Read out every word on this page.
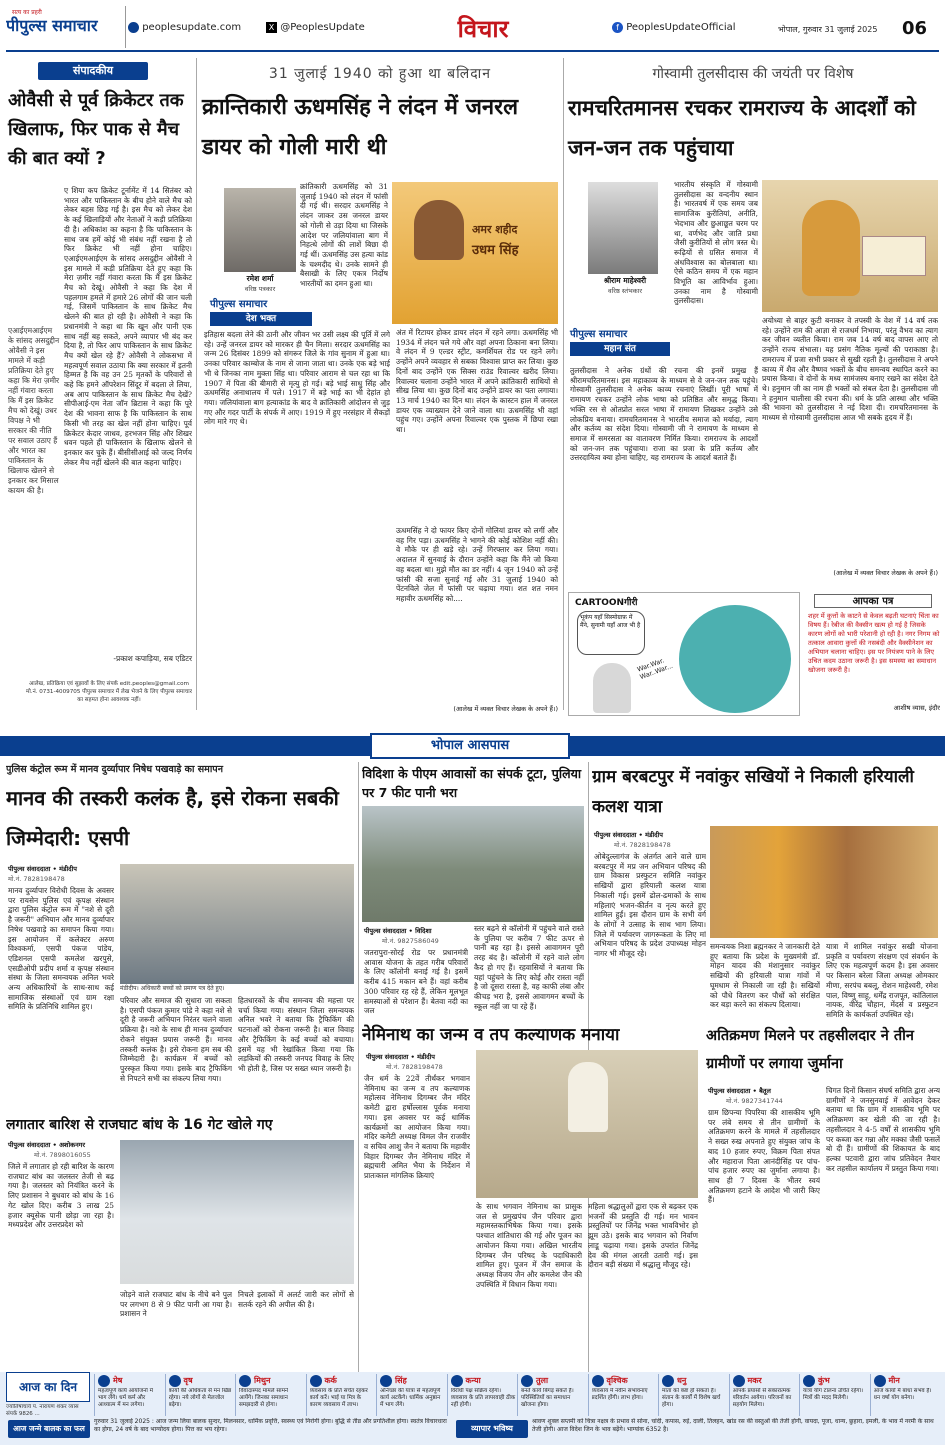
पीपुल्स समाचार
सत्य का प्रहरी
peoplesupdate.com	X @PeoplesUpdate	विचार	f PeoplesUpdateOfficial	भोपाल, गुरुवार 31 जुलाई 2025	06
संपादकीय
ओवैसी से पूर्व क्रिकेटर तक खिलाफ, फिर पाक से मैच की बात क्यों ?
ए शिया कप क्रिकेट टूर्नामेंट में 14 सितंबर को भारत और पाकिस्तान के बीच होने वाले मैच को लेकर बहस छिड़ गई है। इस मैच को लेकर देश के कई खिलाड़ियों और नेताओं ने कड़ी प्रतिक्रिया दी है। अधिकांश का कहना है कि पाकिस्तान के साथ जब हमें कोई भी संबंध नहीं रखना है तो फिर क्रिकेट भी नहीं होना चाहिए। एआईएमआईएम के सांसद असदुद्दीन ओवैसी ने इस मामले में कड़ी प्रतिक्रिया देते हुए कहा कि मेरा ज़मीर नहीं गंवारा करता कि मैं इस क्रिकेट मैच को देखूं। ओवैसी ने कहा कि देश में पहलगाम हमले में हमारे 26 लोगों की जान चली गई, जिसमें पाकिस्तान के साथ क्रिकेट मैच खेलने की बात हो रही है। ओवैसी ने कहा कि प्रधानमंत्री ने कहा था कि खून और पानी एक साथ नहीं बह सकते, अपने व्यापार भी बंद कर दिया है, तो फिर आप पाकिस्तान के साथ क्रिकेट मैच क्यों खेल रहे हैं? ओवैसी ने लोकसभा में महत्वपूर्ण सवाल उठाया कि क्या सरकार में इतनी हिम्मत है कि वह उन 25 मृतकों के परिवारों से कहे कि हमने ऑपरेशन सिंदूर में बदला ले लिया, अब आप पाकिस्तान के साथ क्रिकेट मैच देखें? सीपीआई-एम नेता जॉन ब्रिटास ने कहा कि पूरे देश की भावना साफ है कि पाकिस्तान के साथ किसी भी तरह का खेल नहीं होना चाहिए। पूर्व क्रिकेटर केदार जाधव, हरभजन सिंह और शिखर धवन पहले ही पाकिस्तान के खिलाफ खेलने से इनकार कर चुके हैं। बीसीसीआई को जल्द निर्णय लेकर मैच नहीं खेलने की बात कहना चाहिए।
एआईएमआईएम के सांसद असदुद्दीन ओवैसी ने इस मामले में कड़ी प्रतिक्रिया देते हुए कहा कि मेरा ज़मीर नहीं गंवारा करता कि मैं इस क्रिकेट मैच को देखूं। उधर विपक्ष ने भी सरकार की नीति पर सवाल उठाए हैं और भारत का पाकिस्तान के खिलाफ खेलने से इनकार कर मिसाल कायम की है।
-प्रकाश कपाड़िया, सब एडिटर
आलेख, प्रतिक्रिया एवं सुझावों के लिए संपर्क edit.peoples@gmail.com मो.नं. 0731-4009705 पीपुल्स समाचार में लेख भेजने के लिए पीपुल्स समाचार का सहमत होना आवश्यक नहीं।
31 जुलाई 1940 को हुआ था बलिदान
क्रान्तिकारी ऊधमसिंह ने लंदन में जनरल डायर को गोली मारी थी
रमेश शर्मा
वरिष्ठ पत्रकार
पीपुल्स समाचार
देश भक्त
क्रांतिकारी ऊधमसिंह को 31 जुलाई 1940 को लंदन में फांसी दी गई थी। सरदार ऊधमसिंह ने लंदन जाकर उस जनरल डायर को गोली से उड़ा दिया था जिसके आदेश पर जलियांवाला बाग में निहत्थे लोगों की लाशें बिछा दी गई थीं। ऊधमसिंह उस हत्या कांड के चश्मदीद थे। उनके सामने ही बैसाखी के लिए एकत्र निर्दोष भारतीयों का दमन हुआ था।
अमर शहीद
उधम सिंह
इतिहास बदला लेने की ठानी और जीवन भर उसी लक्ष्य की पूर्ति में लगे रहे। उन्हें जनरल डायर को मारकर ही चैन मिला। सरदार ऊधमसिंह का जन्म 26 दिसंबर 1899 को संगरूर जिले के गांव सुनाम में हुआ था। उनका परिवार काम्बोज के नाम से जाना जाता था। उनके एक बड़े भाई भी थे जिनका नाम मुक्ता सिंह था। परिवार आराम से चल रहा था कि 1907 में पिता की बीमारी से मृत्यु हो गई। बड़े भाई साधु सिंह और ऊधमसिंह अनाथालय में पले। 1917 में बड़े भाई का भी देहांत हो गया। जलियांवाला बाग हत्याकांड के बाद वे क्रांतिकारी आंदोलन से जुड़ गए और गदर पार्टी के संपर्क में आए। 1919 में हुए नरसंहार में सैकड़ों लोग मारे गए थे।
अंत में रिटायर होकर डायर लंदन में रहने लगा। ऊधमसिंह भी 1934 में लंदन चले गये और वहां अपना ठिकाना बना लिया। वे लंदन में 9 एल्डर स्ट्रीट, कमर्शियल रोड पर रहने लगे। उन्होंने अपने व्यवहार से सबका विश्वास प्राप्त कर लिया। कुछ दिनों बाद उन्होंने एक सिक्स राउंड रिवाल्वर खरीद लिया। रिवाल्वर चलाना उन्होंने भारत में अपने क्रांतिकारी साथियों से सीख लिया था। कुछ दिनों बाद उन्होंने डायर का पता लगाया। 13 मार्च 1940 का दिन था। लंदन के कास्टन हाल में जनरल डायर एक व्याख्यान देने जाने वाला था। ऊधमसिंह भी वहां पहुंच गए। उन्होंने अपना रिवाल्वर एक पुस्तक में छिपा रखा था।
ऊधमसिंह ने दो फायर किए दोनों गोलियां डायर को लगीं और वह गिर पड़ा। ऊधमसिंह ने भागने की कोई कोशिश नहीं की। वे मौके पर ही खड़े रहे। उन्हें गिरफ्तार कर लिया गया। अदालत में सुनवाई के दौरान उन्होंने कहा कि मैंने जो किया वह बदला था। मुझे मौत का डर नहीं। 4 जून 1940 को उन्हें फांसी की सजा सुनाई गई और 31 जुलाई 1940 को पेंटनविले जेल में फांसी पर चढ़ाया गया। शत शत नमन महावीर ऊधमसिंह को....
(आलेख में व्यक्त विचार लेखक के अपने हैं।)
गोस्वामी तुलसीदास की जयंती पर विशेष
रामचरितमानस रचकर रामराज्य के आदर्शों को जन-जन तक पहुंचाया
श्रीराम माहेश्वरी
वरिष्ठ स्तंभकार
पीपुल्स समाचार
महान संत
भारतीय संस्कृति में गोस्वामी तुलसीदास का वन्दनीय स्थान है। भारतवर्ष में एक समय जब सामाजिक कुरीतियां, अनीति, भेदभाव और छुआछूत चरम पर था, वर्णभेद और जाति प्रथा जैसी कुरीतियों से लोग त्रस्त थे। रूढ़ियों से ग्रसित समाज में अंधविश्वास का बोलबाला था। ऐसे कठिन समय में एक महान विभूति का आविर्भाव हुआ। उनका नाम है गोस्वामी तुलसीदास।
तुलसीदास ने अनेक ग्रंथों की रचना की इनमें प्रमुख हैं श्रीरामचरितमानस। इस महाकाव्य के माध्यम से वे जन-जन तक पहुंचे। गोस्वामी तुलसीदास ने अनेक काव्य रचनाएं लिखीं। पूरी भाषा में रामायण रचकर उन्होंने लोक भाषा को प्रतिष्ठित और समृद्ध किया। भक्ति रस से ओतप्रोत सरल भाषा में रामायण लिखकर उन्होंने उसे लोकप्रिय बनाया। रामचरितमानस ने भारतीय समाज को मर्यादा, त्याग और कर्तव्य का संदेश दिया। गोस्वामी जी ने रामायण के माध्यम से समाज में समरसता का वातावरण निर्मित किया। रामराज्य के आदर्शों को जन-जन तक पहुंचाया। राजा का प्रजा के प्रति कर्तव्य और उत्तरदायित्व क्या होना चाहिए, यह रामराज्य के आदर्श बताते हैं।
अयोध्या से बाहर कुटी बनाकर वे तपस्वी के वेश में 14 वर्ष तक रहे। उन्होंने राम की आज्ञा से राजधर्म निभाया, परंतु वैभव का त्याग कर जीवन व्यतीत किया। राम जब 14 वर्ष बाद वापस आए तो उन्होंने राज्य संभाला। यह प्रसंग नैतिक मूल्यों की पराकाष्ठा है। रामराज्य में प्रजा सभी प्रकार से सुखी रहती है। तुलसीदास ने अपने काव्य में शैव और वैष्णव भक्तों के बीच समन्वय स्थापित करने का प्रयास किया। वे दोनों के मध्य सामंजस्य बनाए रखने का संदेश देते थे। हनुमान जी का नाम ही भक्तों को संबल देता है। तुलसीदास जी ने हनुमान चालीसा की रचना की। धर्म के प्रति आस्था और भक्ति की भावना को तुलसीदास ने नई दिशा दी। रामचरितमानस के माध्यम से गोस्वामी तुलसीदास आज भी सबके हृदय में हैं।
(आलेख में व्यक्त विचार लेखक के अपने हैं।)
CARTOONगीरी
भूकंप यहाँ सिस्मोग्राफ़ में मैंने, सुनामी यहाँ आज भी है
War.War. War..War...
आपका पत्र
शहर में कुत्तों के काटने से केवल बढ़ती घटनाएं चिंता का विषय हैं। रेबीज की वैक्सीन खत्म हो गई है जिसके कारण लोगों को भारी परेशानी हो रही है। नगर निगम को तत्काल आवारा कुत्तों की नसबंदी और वैक्सीनेशन का अभियान चलाना चाहिए। इस पर नियंत्रण पाने के लिए उचित कदम उठाना जरूरी है। इस समस्या का समाधान खोजना जरूरी है।
आशीष व्यास, इंदौर
भोपाल आसपास
पुलिस कंट्रोल रूम में मानव दुर्व्यापार निषेध पखवाड़े का समापन
मानव की तस्करी कलंक है, इसे रोकना सबकी जिम्मेदारी: एसपी
पीपुल्स संवाददाता • मंडीदीप
मो.नं. 7828198478
मंडीदीप। अधिकारी बच्चों को प्रमाण पत्र देते हुए।
मानव दुर्व्यापार विरोधी दिवस के अवसर पर रायसेन पुलिस एवं कृपक्ष संस्थान द्वारा पुलिस कंट्रोल रूम में "नशे से दूरी है जरूरी" अभियान और मानव दुर्व्यापार निषेध पखवाड़े का समापन किया गया। इस आयोजन में कलेक्टर अरुण विश्वकर्मा, एसपी पंकज पांडेय, एडिशनल एसपी कमलेश खरपुसे, एसडीओपी प्रदीप शर्मा व कृपक्ष संस्थान संस्था के जिला समन्वयक अनिल भवरे अन्य अधिकारियों के साथ-साथ कई सामाजिक संस्थाओं एवं ग्राम रक्षा समिति के प्रतिनिधि शामिल हुए।
परिवार और समाज की सुधारा जा सकता है। एसपी पंकज कुमार पांडे ने कहा नशे से दूरी है जरूरी अभियान निरंतर चलने वाला प्रक्रिया है। नशे के साथ ही मानव दुर्व्यापार रोकने संयुक्त प्रयास जरूरी हैं। मानव तस्करी कलंक है। इसे रोकना हम सब की जिम्मेदारी है। कार्यक्रम में बच्चों को पुरस्कृत किया गया। इसके बाद ट्रैफिकिंग से निपटने सभी का संकल्प लिया गया।
हितधारकों के बीच समन्वय की महत्ता पर चर्चा किया गया। संस्थान जिला समन्वयक अनिल भवरे ने बताया कि ट्रैफिकिंग की घटनाओं को रोकना जरूरी है। बाल विवाह और ट्रैफिकिंग के कई बच्चों को बचाया। इसमें यह भी रेखांकित किया गया कि लड़कियों की तस्करी जनपद विवाह के लिए भी होती है, जिस पर सख्त ध्यान जरूरी है।
लगातार बारिश से राजघाट बांध के 16 गेट खोले गए
पीपुल्स संवाददाता • अशोकनगर
मो.नं. 7898016055
जिले में लगातार हो रही बारिश के कारण राजघाट बांध का जलस्तर तेजी से बढ़ गया है। जलस्तर को नियंत्रित करने के लिए प्रशासन ने बुधवार को बांध के 16 गेट खोल दिए। करीब 3 लाख 25 हजार क्यूसेक पानी छोड़ा जा रहा है। मध्यप्रदेश और उत्तरप्रदेश को
जोड़ने वाले राजघाट बांध के नीचे बने पुल पर लगभग 8 से 9 फीट पानी आ गया है। प्रशासन ने
निचले इलाकों में अलर्ट जारी कर लोगों से सतर्क रहने की अपील की है।
विदिशा के पीएम आवासों का संपर्क टूटा, पुलिया पर 7 फीट पानी भरा
पीपुल्स संवाददाता • विदिशा
मो.नं. 9827586049
जतरापुरा-सोरई रोड पर प्रधानमंत्री आवास योजना के तहत गरीब परिवारों के लिए कॉलोनी बनाई गई है। इसमें करीब 415 मकान बने हैं। वहां करीब 300 परिवार रह रहे हैं, लेकिन मूलभूत समस्याओं से परेशान हैं। बेतवा नदी का जल
स्तर बढ़ने से कॉलोनी में पहुंचने वाले रास्ते के पुलिया पर करीब 7 फीट ऊपर से पानी बह रहा है। इससे आवागमन पूरी तरह बंद है। कॉलोनी में रहने वाले लोग कैद हो गए हैं। रहवासियों ने बताया कि यहां पहुंचने के लिए कोई और रास्ता नहीं है जो दूसरा रास्ता है, वह काफी लंबा और कीचड़ भरा है, इससे आवागमन बच्चों के स्कूल नहीं जा पा रहे हैं।
नेमिनाथ का जन्म व तप कल्याणक मनाया
पीपुल्स संवाददाता • मंडीदीप
मो.नं. 7828198478
जैन धर्म के 22वें तीर्थंकर भगवान नेमिनाथ का जन्म व तप कल्याणक महोत्सव नेमिनाथ दिगम्बर जैन मंदिर कमेटी द्वारा हर्षोल्लास पूर्वक मनाया गया। इस अवसर पर कई धार्मिक कार्यक्रमों का आयोजन किया गया। मंदिर कमेटी अध्यक्ष विमल जैन राजवीर व सचिव आशु जैन ने बताया कि महावीर विहार दिगम्बर जैन नेमिनाथ मंदिर में ब्रह्मचारी अमित भैया के निर्देशन में प्रातःकाल मांगलिक क्रियाएं
के साथ भगवान नेमिनाथ का प्रासुक जल से प्रमुखपंच जैन परिवार द्वारा महामस्तकाभिषेक किया गया। इसके पश्चात शांतिधारा की गई और पूजन का आयोजन किया गया। अखिल भारतीय दिगम्बर जैन परिषद के पदाधिकारी शामिल हुए। पूजन में जैन समाज के अध्यक्ष विजय जैन और कमलेश जैन की उपस्थिति में विधान किया गया।
महिला श्रद्धालुओं द्वारा एक से बढ़कर एक भजनों की प्रस्तुति दी गई। मन भावन प्रस्तुतियों पर जिनेंद्र भक्त भावविभोर हो झूम उठे। इसके बाद भगवान को निर्वाण लाडू चढ़ाया गया। इसके उपरांत जिनेंद्र देव की मंगल आरती उतारी गई। इस दौरान बड़ी संख्या में श्रद्धालु मौजूद रहे।
ग्राम बरबटपुर में नवांकुर सखियों ने निकाली हरियाली कलश यात्रा
पीपुल्स संवाददाता • मंडीदीप
मो.नं. 7828198478
ओबेदुल्लागंज के अंतर्गत आने वाले ग्राम बरबटपुर में मप्र जन अभियान परिषद की ग्राम विकास प्रस्फुटन समिति नवांकुर सखियों द्वारा हरियाली कलश यात्रा निकाली गई। इसमें ढोल-ढमाकों के साथ महिलाएं भजन-कीर्तन व नृत्य करते हुए शामिल हुईं। इस दौरान ग्राम के सभी वर्ग के लोगों ने उत्साह के साथ भाग लिया। जिले में पर्यावरण जागरूकता के लिए मां अभियान परिषद के प्रदेश उपाध्यक्ष मोहन नागर भी मौजूद रहे।
समन्वयक निशा ब्रह्मनकर ने जानकारी देते हुए बताया कि प्रदेश के मुख्यमंत्री डॉ. मोहन यादव की मंशानुसार नवांकुर सखियों की हरियाली यात्रा गांवों में घूमधाम से निकाली जा रही है। सखियों को पौधे वितरण कर पौधों को संरक्षित कर बड़ा करने का संकल्प दिलाया।
यात्रा में शामिल नवांकुर सखी योजना प्रकृति व पर्यावरण संरक्षण एवं संवर्धन के लिए एक महत्वपूर्ण कदम है। इस अवसर पर किसान बरेला जिला अध्यक्ष ओमकार मीणा, सरपंच बबलू, रोशन माहेश्वरी, रमेश पाल, विष्णु साहू, धर्मेंद्र राजपूत, कांतिलाल नायक, वीरेंद्र चौहान, मेंदर्स व प्रस्फुटन समिति के कार्यकर्ता उपस्थित रहे।
अतिक्रमण मिलने पर तहसीलदार ने तीन ग्रामीणों पर लगाया जुर्माना
पीपुल्स संवाददाता • बैतूल
मो.नं. 9827341744
ग्राम छिपन्या पिपरिया की शासकीय भूमि पर लंबे समय से तीन ग्रामीणों के अतिक्रमण करने के मामले में तहसीलदार ने सख्त रुख अपनाते हुए संयुक्त जांच के बाद 10 हजार रुपए, विक्रम पिता संपत और महाराज पिता आनंदीसिंह पर पांच-पांच हजार रुपए का जुर्माना लगाया है। साथ ही 7 दिवस के भीतर स्वयं अतिक्रमण हटाने के आदेश भी जारी किए हैं।
चिगत दिनों किसान संघर्ष समिति द्वारा अन्य ग्रामीणों ने जनसुनवाई में आवेदन देकर बताया था कि ग्राम में शासकीय भूमि पर अतिक्रमण कर खेती की जा रही है। तहसीलदार ने 4-5 वर्षों से शासकीय भूमि पर कब्जा कर गन्ना और मक्का जैसी फसलें बो दी हैं। ग्रामीणों की शिकायत के बाद हल्का पटवारी द्वारा जांच प्रतिवेदन तैयार कर तहसील कार्यालय में प्रस्तुत किया गया।
आज का दिन
ज्योतिषाचार्य पं. नारायण शंकर व्यास संपर्क 9826 ...
मेष
महत्वपूर्ण कार्य आयोजनों में भाग लेंगे। धर्म कर्म और आध्यात्म में मन लगेगा।
वृष
कार्यों की अधिकता से मन खिन्न रहेगा। नये लोगों से मेलजोल बढ़ेगा।
मिथुन
विवादास्पद मामले सामने आयेंगे। जिनका समाधान समझदारी से होगा।
कर्क
व्यवसाय के प्रति सचेत रहकर कार्य करें। भाई या मित्र के कारण व्यवसाय में लाभ।
सिंह
अनिच्छा की यात्रा से महत्वपूर्ण कार्य अटकेंगे। धार्मिक अनुष्ठान में भाग लेंगे।
कन्या
विरोधी पक्ष सक्रिय रहेगा। व्यवसाय के प्रति लापरवाही ठीक नहीं होगी।
तुला
बनते कार्य बिगड़ सकते हैं। परिस्थितियों का समाधान खोजना होगा।
वृश्चिक
व्यवसाय में नवीन संभावनाएं प्रदर्शित होंगी। लाभ होगा।
धनु
माता को कष्ट हो सकता है। संतान के कार्यों में विशेष खर्च होगा।
मकर
आपके प्रयासों से सकारात्मक परिवर्तन आयेगा। परिजनों का सहयोग मिलेगा।
कुंभ
यात्रा योग टालना उचित रहेगा। मित्रों की मदद मिलेगी।
मीन
आज कार्यों में बाधा संभव है। धन वर्षा योग बनेगा।
आज जन्मे बालक का फल
गुरुवार 31 जुलाई 2025 : आज जन्म लिया बालक सुन्दर, मिलनसार, धार्मिक प्रवृत्ति, स्वस्थ्य एवं निरोगी होगा। बुद्धि से तीव्र और प्रगतिशील होगा। स्वतंत्र विचारधारा का होगा, 24 वर्ष के बाद भाग्योदय होगा। पित्त का भय रहेगा।	व्यापार भविष्य
श्रावण शुक्ल सप्तमी को चित्रा नक्षत्र के प्रभाव से सोना, चांदी, कपास, रुई, दाली, तिलहन, खांड रस की वस्तुओं की तेजी होगी, वायदा, पूजा, धान्य, छुहारा, इमली, के भाव में नरमी के साथ तेजी होगी। आज विदेश जिन के भाव बढ़ेंगे। भाग्यांक 6352 है।
